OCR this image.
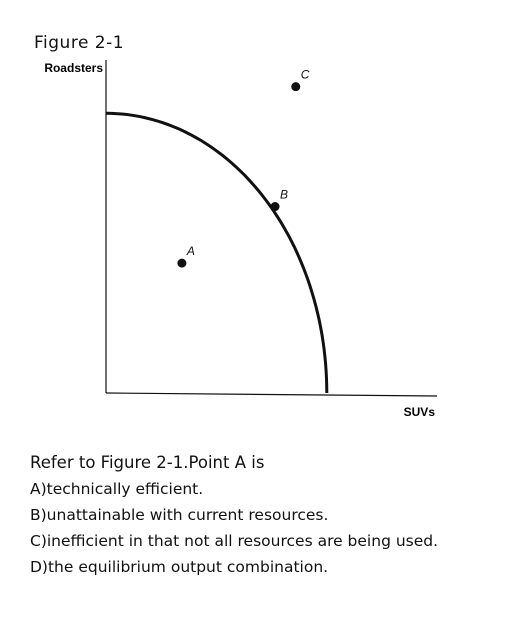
Figure 2-1
Roadsters
SUVs
A
B
C

Refer to Figure 2-1.Point A is

A)technically efficient.

B)unattainable with current resources.

C)inefficient in that not all resources are being used.

D)the equilibrium output combination.
